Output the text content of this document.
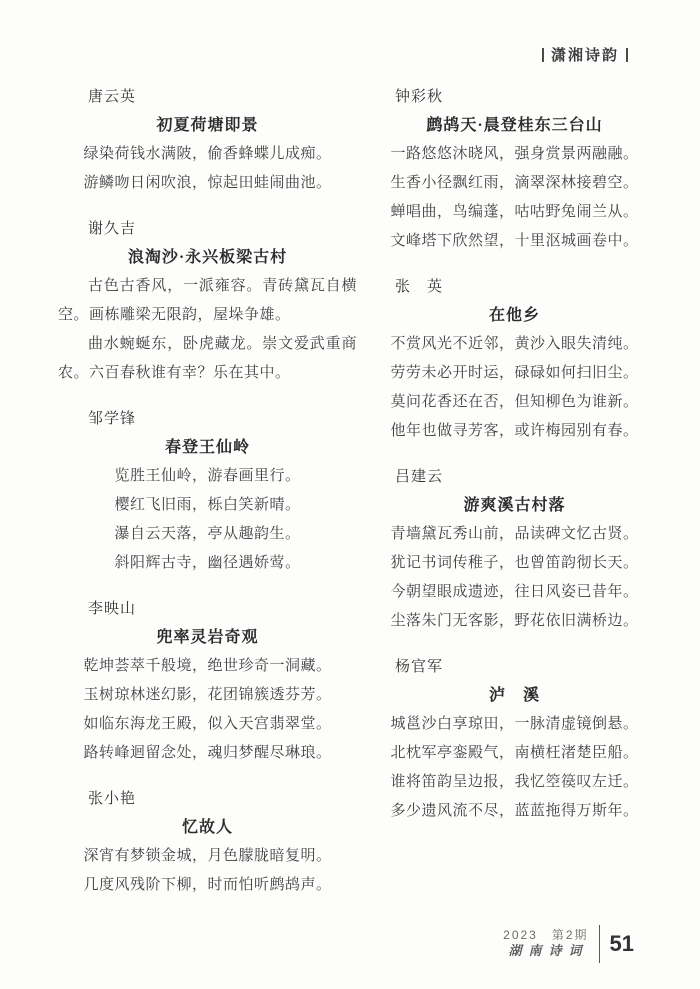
潇湘诗韵

唐云英

初夏荷塘即景

绿染荷钱水满陂，偷香蜂蝶儿成痴。

游鳞吻日闲吹浪，惊起田蛙闹曲池。

谢久吉

浪淘沙·永兴板梁古村

古色古香风，一派雍容。青砖黛瓦自横空。画栋雕梁无限韵，屋垛争雄。

曲水蜿蜒东，卧虎藏龙。崇文爱武重商农。六百春秋谁有幸？乐在其中。

邹学锋

春登王仙岭

览胜王仙岭，游春画里行。

樱红飞旧雨，栎白笑新晴。

瀑自云天落，亭从趣韵生。

斜阳辉古寺，幽径遇娇莺。

李映山

兜率灵岩奇观

乾坤荟萃千般境，绝世珍奇一洞藏。

玉树琼林迷幻影，花团锦簇透芬芳。

如临东海龙王殿，似入天宫翡翠堂。

路转峰迴留念处，魂归梦醒尽琳琅。

张小艳

忆故人

深宵有梦锁金城，月色朦胧暗复明。

几度风残阶下柳，时而怕听鹧鸪声。

钟彩秋

鹧鸪天·晨登桂东三台山

一路悠悠沐晓风，强身赏景两融融。

生香小径飘红雨，滴翠深林接碧空。

蝉唱曲，鸟编蓬，咕咕野兔闹兰从。

文峰塔下欣然望，十里沤城画卷中。

张　英

在他乡

不赏风光不近邻，黄沙入眼失清纯。

劳劳未必开时运，碌碌如何扫旧尘。

莫问花香还在否，但知柳色为谁新。

他年也做寻芳客，或许梅园别有春。

吕建云

游爽溪古村落

青墙黛瓦秀山前，品读碑文忆古贤。

犹记书词传稚子，也曾笛韵彻长天。

今朝望眼成遗迹，往日风姿已昔年。

尘落朱门无客影，野花依旧满桥边。

杨官军

泸　溪

城邕沙白享琼田，一脉清虚镜倒悬。

北枕军亭銮殿气，南横枉渚楚臣船。

谁将笛韵呈边报，我忆箜篌叹左迁。

多少遗风流不尽，蓝蓝拖得万斯年。

2023　第2期
湖南诗词 51
